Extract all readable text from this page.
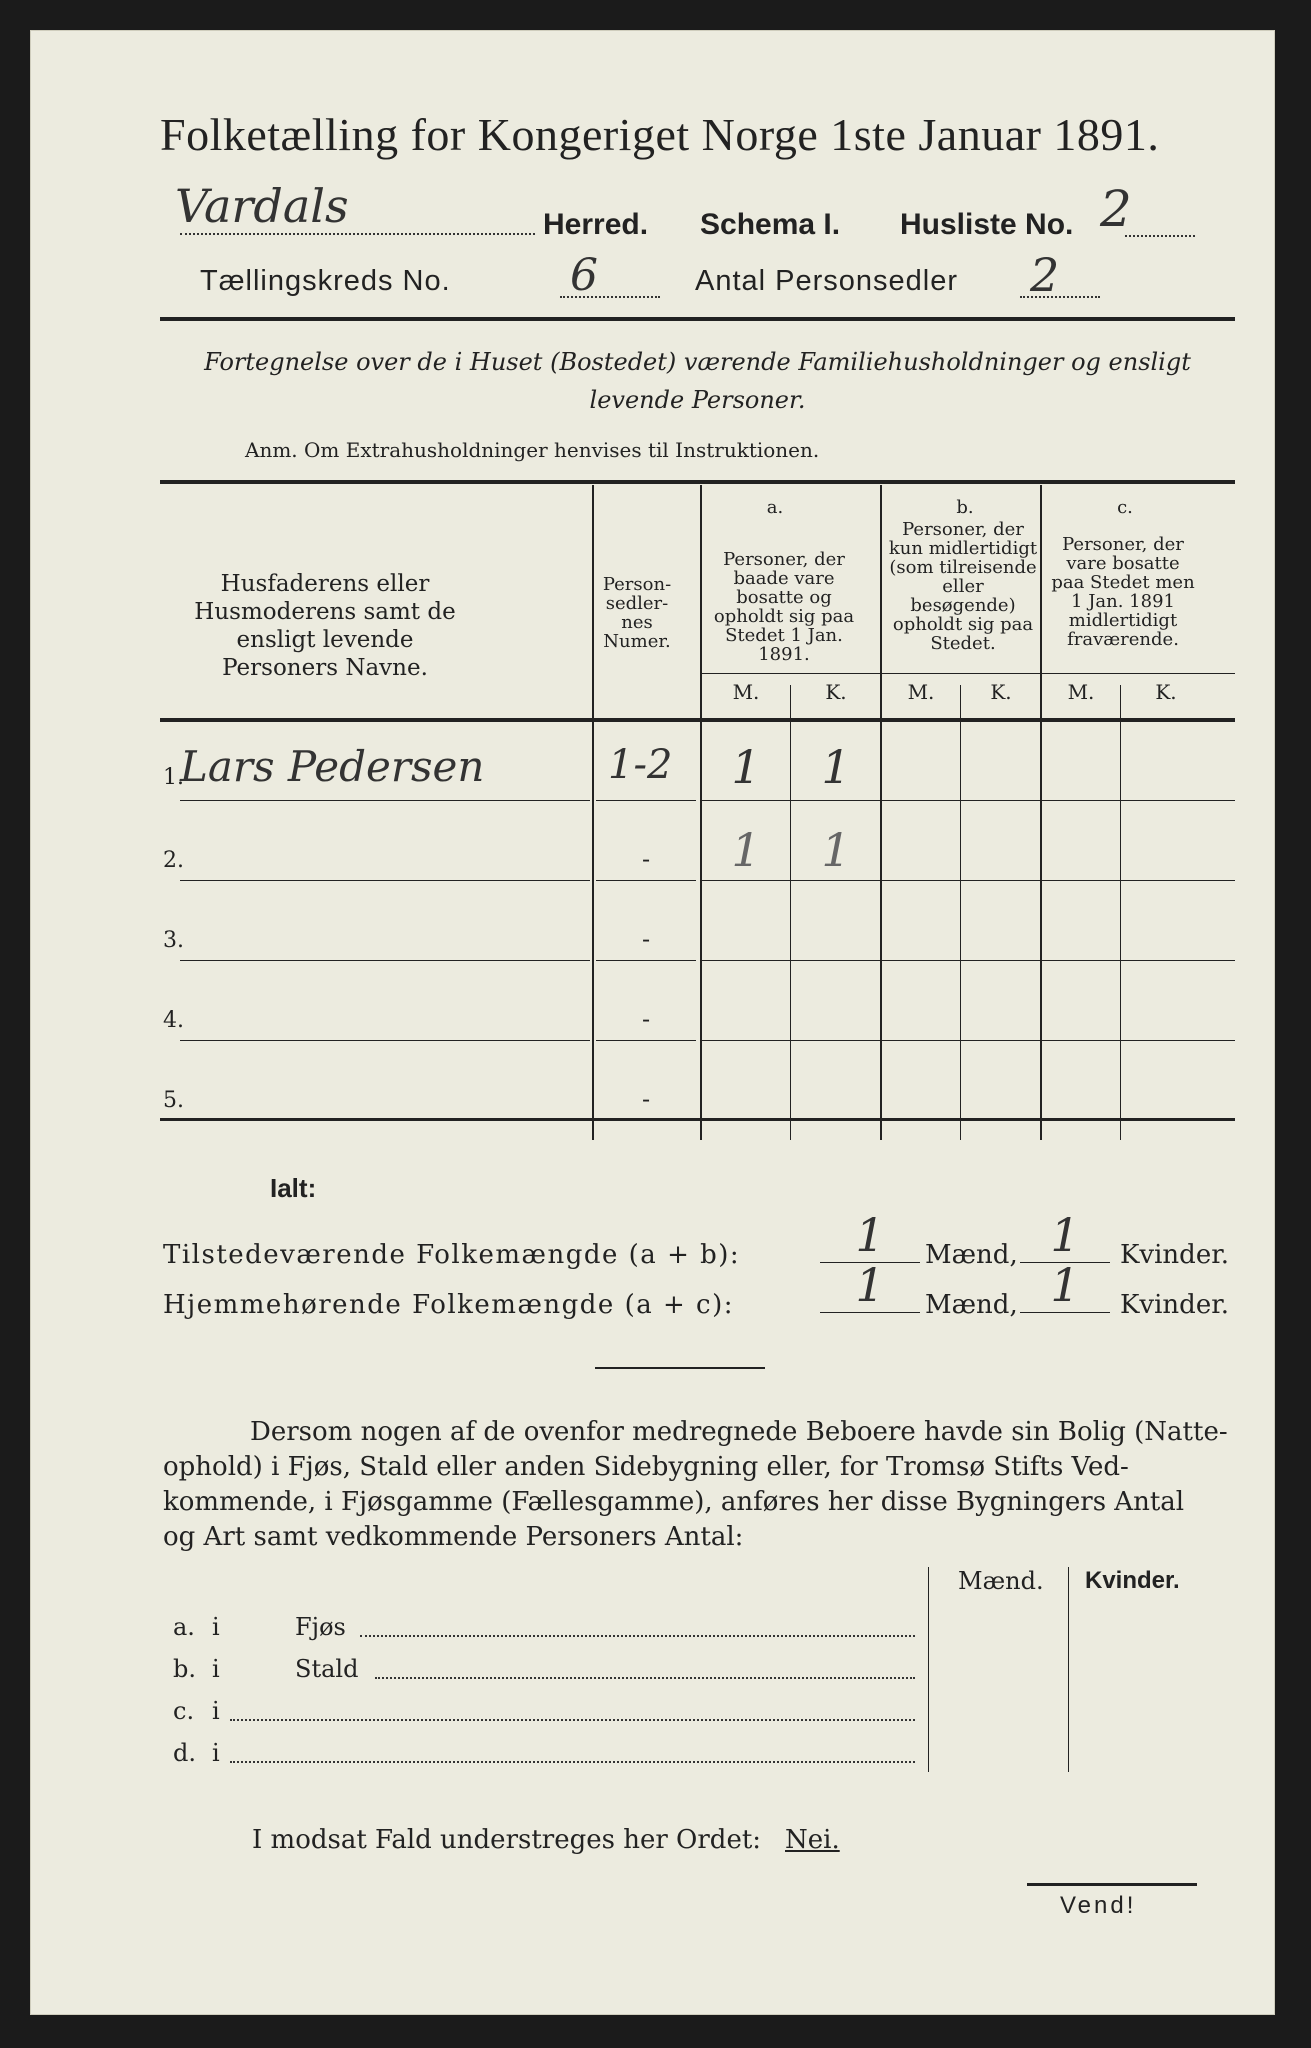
Folketælling for Kongeriget Norge 1ste Januar 1891.
Vardals	Herred. Schema I. Husliste No. 2
Tællingskreds No.	6	Antal Personsedler 2
Fortegnelse over de i Huset (Bostedet) værende Familiehusholdninger og ensligt
levende Personer.
Anm. Om Extrahusholdninger henvises til Instruktionen.
Husfaderens eller Husmoderens samt de ensligt levende Personers Navne.
Person-sedler-nes Numer.
a.
Personer, der baade vare bosatte og opholdt sig paa Stedet 1 Jan. 1891.
b.
Personer, der kun midlertidigt (som tilreisende eller besøgende) opholdt sig paa Stedet.
c.
Personer, der vare bosatte paa Stedet men 1 Jan. 1891 midlertidigt fraværende.
M.	K.	M.	K.	M.	K.
1.
Lars Pedersen	1-2	1	1
2.	-	1	1
3.	-
4.	-
5.	-
Ialt:
Tilstedeværende Folkemængde (a + b):	1	Mænd, 1	Kvinder.
Hjemmehørende Folkemængde (a + c):	1	Mænd, 1	Kvinder.
Dersom nogen af de ovenfor medregnede Beboere havde sin Bolig (Natte-
ophold) i Fjøs, Stald eller anden Sidebygning eller, for Tromsø Stifts Ved-
kommende, i Fjøsgamme (Fællesgamme), anføres her disse Bygningers Antal
og Art samt vedkommende Personers Antal:
Mænd. Kvinder.
a. i	Fjøs
b. i	Stald
c. i
d. i
I modsat Fald understreges her Ordet: Nei.
Vend!
